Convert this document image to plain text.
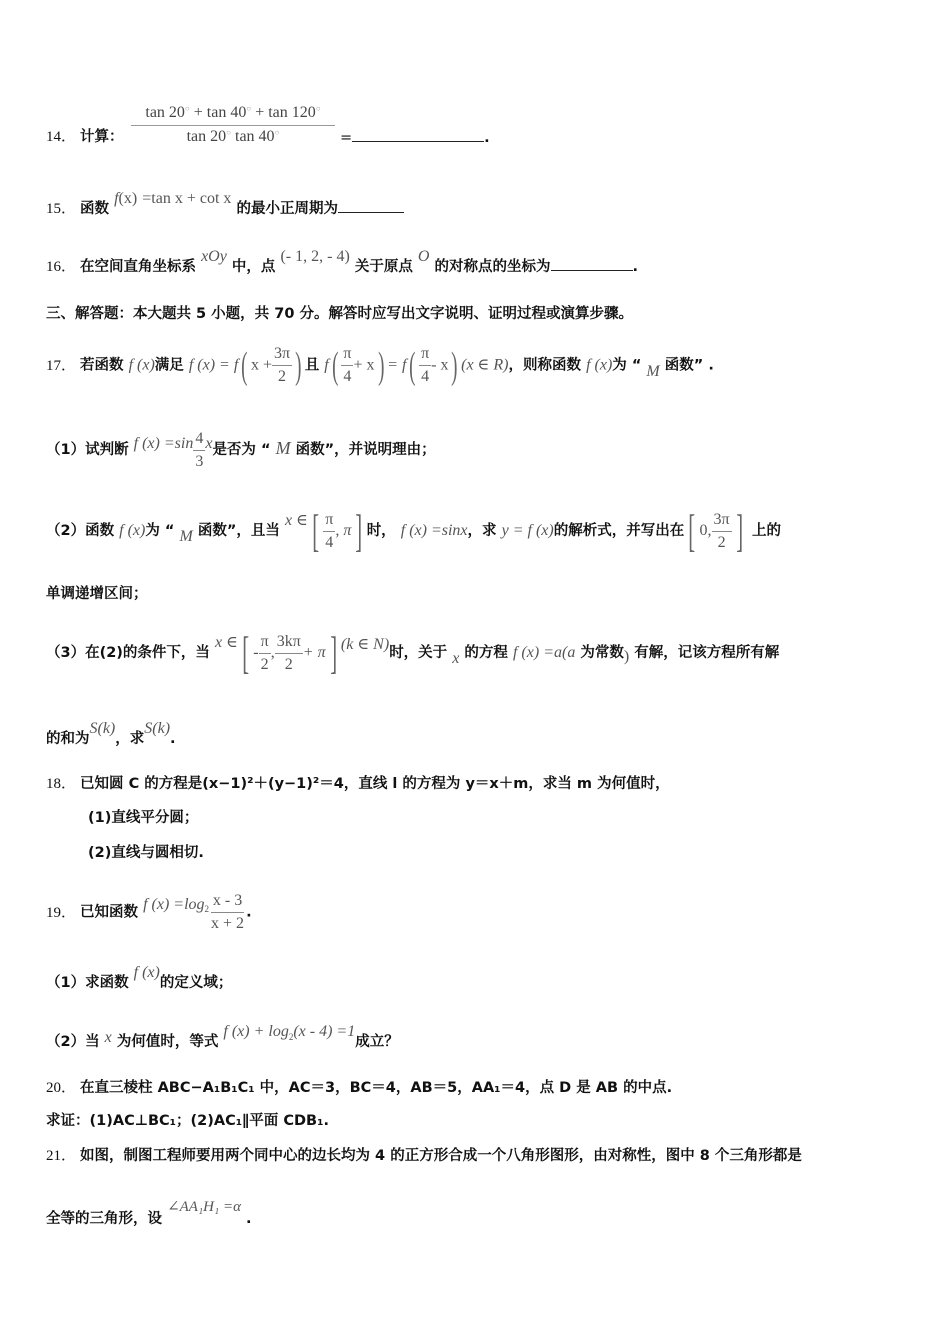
14． 计算： $\frac{\tan 20^○ + \tan 40^○ + \tan 120^○}{\tan 20^○ \tan 40^○}$ =	.
15． 函数 f(x) =tan x + cot x 的最小正周期为
16． 在空间直角坐标系 xOy 中，点 (- 1, 2, - 4) 关于原点 O 的对称点的坐标为	.
三、解答题：本大题共 5 小题，共 70 分。解答时应写出文字说明、证明过程或演算步骤。
17． 若函数 f (x)满足 f (x) = f( $x + \frac{3\pi}{2}$ ) 且 $f( \frac{\pi}{4} + x) = f( \frac{\pi}{4} - x)$ (x ∈ R)，则称函数 f (x)为 “ M 函数” .
（1）试判断 f $(x) =\sin \frac{4}{3}$ x是否为 “ M 函数”，并说明理由；
（2）函数 f (x)为 “ M 函数”，且当 x ∈[ $\frac{\pi}{4}$ , π] 时， f (x) =sinx，求 y = f (x)的解析式，并写出在[ 0, $\frac{3\pi}{2}$ ] 上的
单调递增区间；
（3）在(2)的条件下，当 x ∈[ - $\frac{\pi}{2}$ , $\frac{3k\pi}{2} + \pi$] (k ∈ N)时，关于 x 的方程 f (x) =a(a 为常数) 有解，记该方程所有解
的和为S(k)，求S(k).
18． 已知圆 C 的方程是(x−1)²＋(y−1)²＝4，直线 l 的方程为 y＝x＋m，求当 m 为何值时，
(1)直线平分圆；
(2)直线与圆相切.
19． 已知函数 f $(x) =\log_2 \frac{x - 3}{x + 2}$ .
（1）求函数 f (x)的定义域；
（2）当 x 为何值时，等式 f $(x) + \log_2(x - 4) =1$成立？
20． 在直三棱柱 ABC−A₁B₁C₁ 中，AC＝3，BC＝4，AB＝5，AA₁＝4，点 D 是 AB 的中点.
求证：(1)AC⊥BC₁；(2)AC₁∥平面 CDB₁.
21． 如图，制图工程师要用两个同中心的边长均为 4 的正方形合成一个八角形图形，由对称性，图中 8 个三角形都是
全等的三角形，设 ∠AA₁H₁ =α .
